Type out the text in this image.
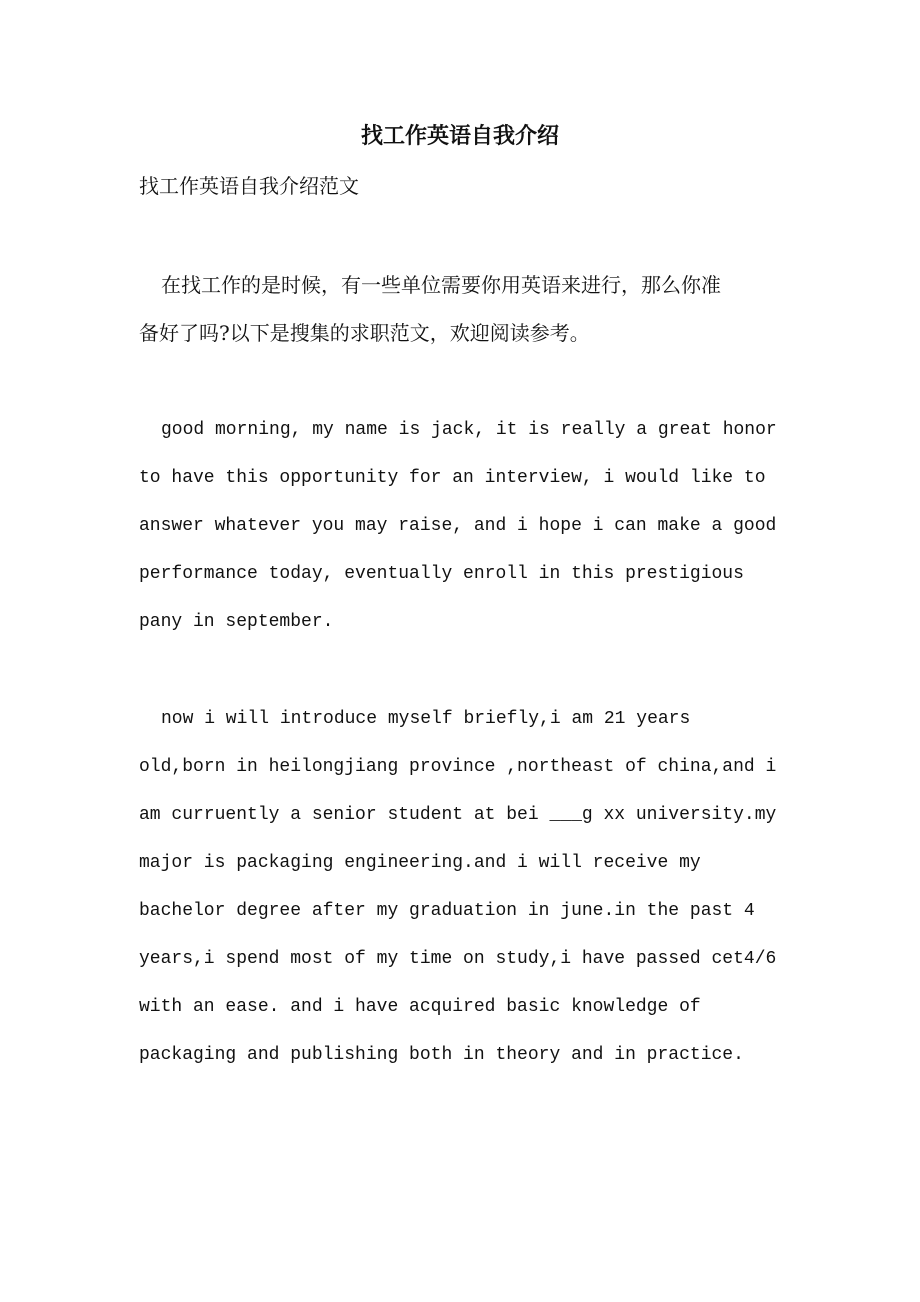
找工作英语自我介绍

找工作英语自我介绍范文

在找工作的是时候，有一些单位需要你用英语来进行，那么你准
备好了吗?以下是搜集的求职范文，欢迎阅读参考。

good morning, my name is jack, it is really a great honor
to have this opportunity for an interview, i would like to
answer whatever you may raise, and i hope i can make a good
performance today, eventually enroll in this prestigious
pany in september.

now i will introduce myself briefly,i am 21 years
old,born in heilongjiang province ,northeast of china,and i
am curruently a senior student at bei ___g xx university.my
major is packaging engineering.and i will receive my
bachelor degree after my graduation in june.in the past 4
years,i spend most of my time on study,i have passed cet4/6
with an ease. and i have acquired basic knowledge of
packaging and publishing both in theory and in practice.
